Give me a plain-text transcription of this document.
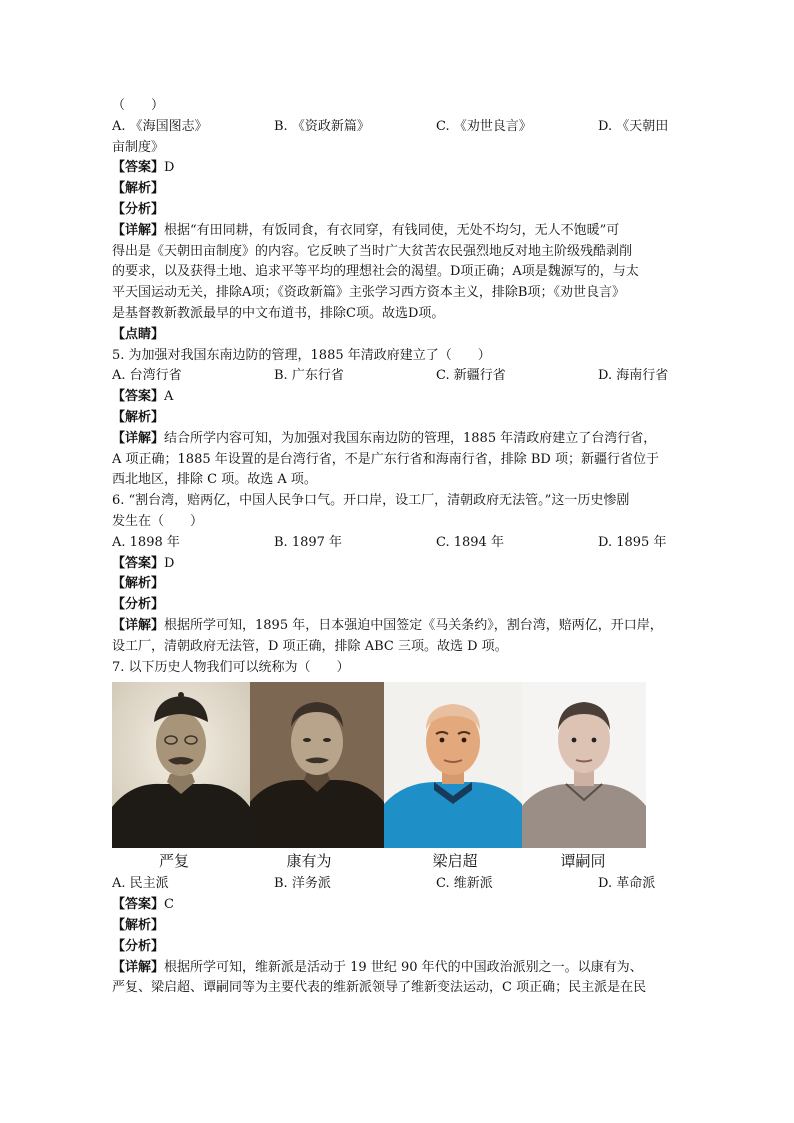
（　　）
A. 《海国图志》	B. 《资政新篇》	C. 《劝世良言》	D. 《天朝田
亩制度》
【答案】D
【解析】
【分析】
【详解】根据“有田同耕，有饭同食，有衣同穿，有钱同使，无处不均匀，无人不饱暖”可
得出是《天朝田亩制度》的内容。它反映了当时广大贫苦农民强烈地反对地主阶级残酷剥削
的要求，以及获得土地、追求平等平均的理想社会的渴望。D项正确；A项是魏源写的，与太
平天国运动无关，排除A项；《资政新篇》主张学习西方资本主义，排除B项；《劝世良言》
是基督教新教派最早的中文布道书，排除C项。故选D项。
【点睛】
5. 为加强对我国东南边防的管理，1885 年清政府建立了（　　）
A. 台湾行省	B. 广东行省	C. 新疆行省	D. 海南行省
【答案】A
【解析】
【详解】结合所学内容可知，为加强对我国东南边防的管理，1885 年清政府建立了台湾行省，
A 项正确；1885 年设置的是台湾行省，不是广东行省和海南行省，排除 BD 项；新疆行省位于
西北地区，排除 C 项。故选 A 项。
6. “割台湾，赔两亿，中国人民争口气。开口岸，设工厂，清朝政府无法管。”这一历史惨剧
发生在（　　）
A. 1898 年	B. 1897 年	C. 1894 年	D. 1895 年
【答案】D
【解析】
【分析】
【详解】根据所学可知，1895 年，日本强迫中国签定《马关条约》，割台湾，赔两亿，开口岸，
设工厂，清朝政府无法管，D 项正确，排除 ABC 三项。故选 D 项。
7. 以下历史人物我们可以统称为（　　）
严复	康有为	梁启超	谭嗣同
A. 民主派	B. 洋务派	C. 维新派	D. 革命派
【答案】C
【解析】
【分析】
【详解】根据所学可知，维新派是活动于 19 世纪 90 年代的中国政治派别之一。以康有为、
严复、梁启超、谭嗣同等为主要代表的维新派领导了维新变法运动，C 项正确；民主派是在民
